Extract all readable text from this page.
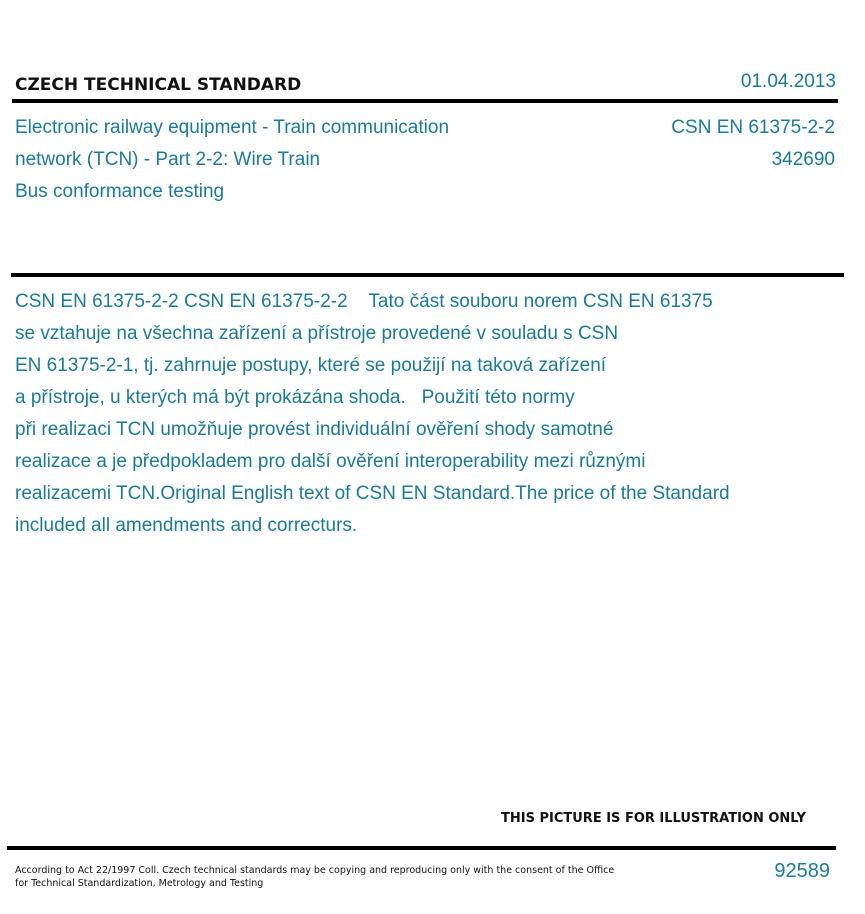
CZECH TECHNICAL STANDARD	01.04.2013
Electronic railway equipment - Train communication
network (TCN) - Part 2-2: Wire Train
Bus conformance testing
CSN EN 61375-2-2
342690
CSN EN 61375-2-2 CSN EN 61375-2-2    Tato část souboru norem CSN EN 61375
se vztahuje na všechna zařízení a přístroje provedené v souladu s CSN
EN 61375-2-1, tj. zahrnuje postupy, které se použijí na taková zařízení
a přístroje, u kterých má být prokázána shoda.   Použití této normy
při realizaci TCN umožňuje provést individuální ověření shody samotné
realizace a je předpokladem pro další ověření interoperability mezi různými
realizacemi TCN.Original English text of CSN EN Standard.The price of the Standard
included all amendments and correcturs.
THIS PICTURE IS FOR ILLUSTRATION ONLY
According to Act 22/1997 Coll. Czech technical standards may be copying and reproducing only with the consent of the Office
for Technical Standardization, Metrology and Testing
92589
